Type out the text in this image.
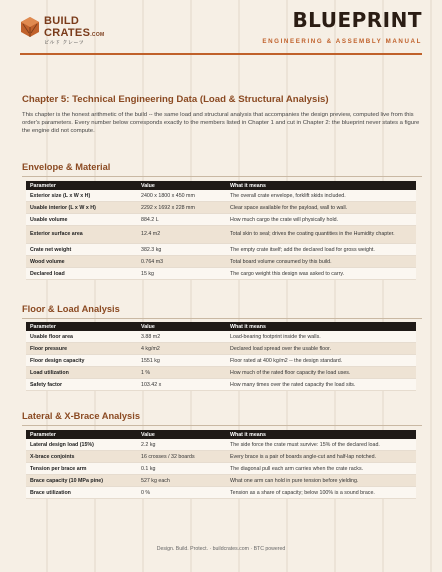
BUILD
CRATES.COM
ビルド クレーツ
BLUEPRINT
ENGINEERING & ASSEMBLY MANUAL
Chapter 5: Technical Engineering Data (Load & Structural Analysis)
This chapter is the honest arithmetic of the build -- the same load and structural analysis that accompanies the design preview, computed live from this order's parameters. Every number below corresponds exactly to the members listed in Chapter 1 and cut in Chapter 2: the blueprint never states a figure the engine did not compute.
Envelope & Material
Parameter	Value	What it means
Exterior size (L x W x H)	2400 x 1800 x 450 mm	The overall crate envelope, forklift skids included.
Usable interior (L x W x H)	2292 x 1692 x 228 mm	Clear space available for the payload, wall to wall.
Usable volume	884.2 L	How much cargo the crate will physically hold.
Exterior surface area	12.4 m2	Total skin to seal; drives the coating quantities in the Humidity chapter.
Crate net weight	382.3 kg	The empty crate itself; add the declared load for gross weight.
Wood volume	0.764 m3	Total board volume consumed by this build.
Declared load	15 kg	The cargo weight this design was asked to carry.
Floor & Load Analysis
Parameter	Value	What it means
Usable floor area	3.88 m2	Load-bearing footprint inside the walls.
Floor pressure	4 kg/m2	Declared load spread over the usable floor.
Floor design capacity	1551 kg	Floor rated at 400 kg/m2 -- the design standard.
Load utilization	1 %	How much of the rated floor capacity the load uses.
Safety factor	103.42 x	How many times over the rated capacity the load sits.
Lateral & X-Brace Analysis
Parameter	Value	What it means
Lateral design load (15%)	2.2 kg	The side force the crate must survive: 15% of the declared load.
X-brace conjoints	16 crosses / 32 boards	Every brace is a pair of boards angle-cut and half-lap notched.
Tension per brace arm	0.1 kg	The diagonal pull each arm carries when the crate racks.
Brace capacity (10 MPa pine)	527 kg each	What one arm can hold in pure tension before yielding.
Brace utilization	0 %	Tension as a share of capacity; below 100% is a sound brace.
Design. Build. Protect. · buildcrates.com · BTC powered
